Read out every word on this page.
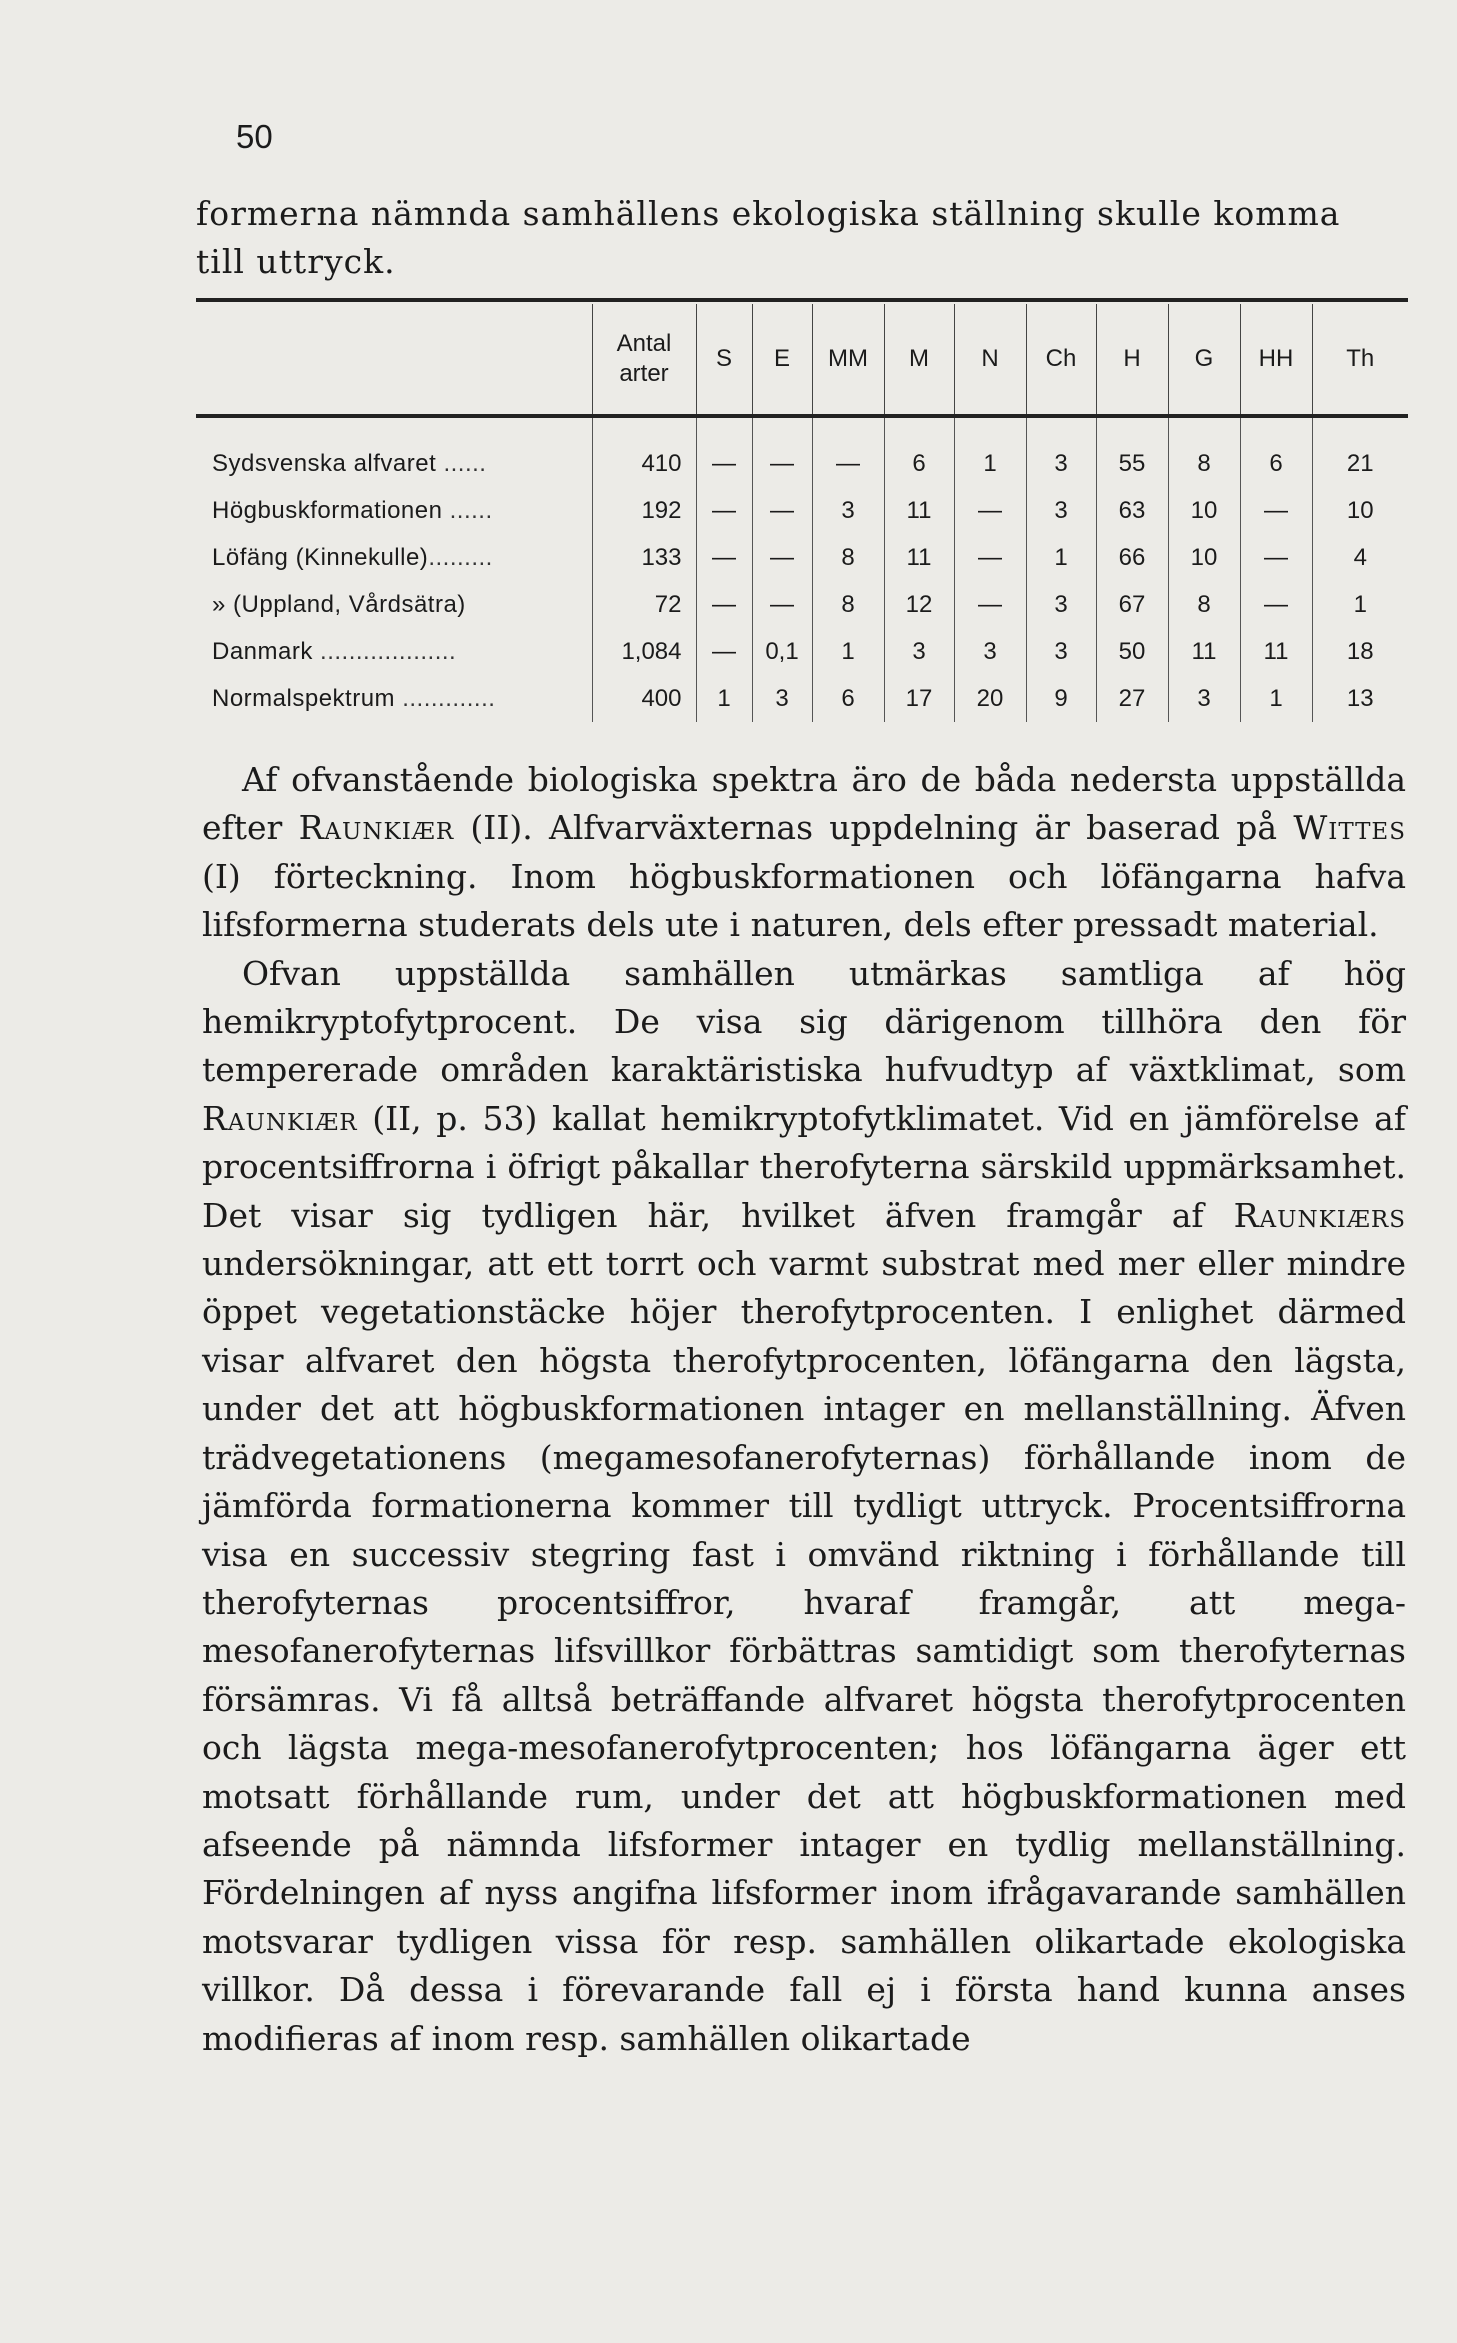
50
formerna nämnda samhällens ekologiska ställning skulle komma
till uttryck.
	Antal arter	S	E	MM	M	N	Ch	H	G	HH	Th
Sydsvenska alfvaret ......	410	—	—	—	6	1	3	55	8	6	21
Högbuskformationen ......	192	—	—	3	11	—	3	63	10	—	10
Löfäng (Kinnekulle).........	133	—	—	8	11	—	1	66	10	—	4
» (Uppland, Vårdsätra)	72	—	—	8	12	—	3	67	8	—	1
Danmark ...................	1,084	—	0,1	1	3	3	3	50	11	11	18
Normalspektrum .............	400	1	3	6	17	20	9	27	3	1	13

Af ofvanstående biologiska spektra äro de båda nedersta uppställda efter Raunkiær (II). Alfvarväxternas uppdelning är baserad på Wittes (I) förteckning. Inom högbuskformationen och löfängarna hafva lifsformerna studerats dels ute i naturen, dels efter pressadt material.

Ofvan uppställda samhällen utmärkas samtliga af hög hemikryptofytprocent. De visa sig därigenom tillhöra den för tempererade områden karaktäristiska hufvudtyp af växtklimat, som Raunkiær (II, p. 53) kallat hemikryptofytklimatet. Vid en jämförelse af procentsiffrorna i öfrigt påkallar therofyterna särskild uppmärksamhet. Det visar sig tydligen här, hvilket äfven framgår af Raunkiærs undersökningar, att ett torrt och varmt substrat med mer eller mindre öppet vegetationstäcke höjer therofytprocenten. I enlighet därmed visar alfvaret den högsta therofytprocenten, löfängarna den lägsta, under det att högbuskformationen intager en mellanställning. Äfven trädvegetationens (megamesofanerofyternas) förhållande inom de jämförda formationerna kommer till tydligt uttryck. Procentsiffrorna visa en successiv stegring fast i omvänd riktning i förhållande till therofyternas procentsiffror, hvaraf framgår, att mega-mesofanerofyternas lifsvillkor förbättras samtidigt som therofyternas försämras. Vi få alltså beträffande alfvaret högsta therofytprocenten och lägsta mega-mesofanerofytprocenten; hos löfängarna äger ett motsatt förhållande rum, under det att högbuskformationen med afseende på nämnda lifsformer intager en tydlig mellanställning. Fördelningen af nyss angifna lifsformer inom ifrågavarande samhällen motsvarar tydligen vissa för resp. samhällen olikartade ekologiska villkor. Då dessa i förevarande fall ej i första hand kunna anses modifieras af inom resp. samhällen olikartade
